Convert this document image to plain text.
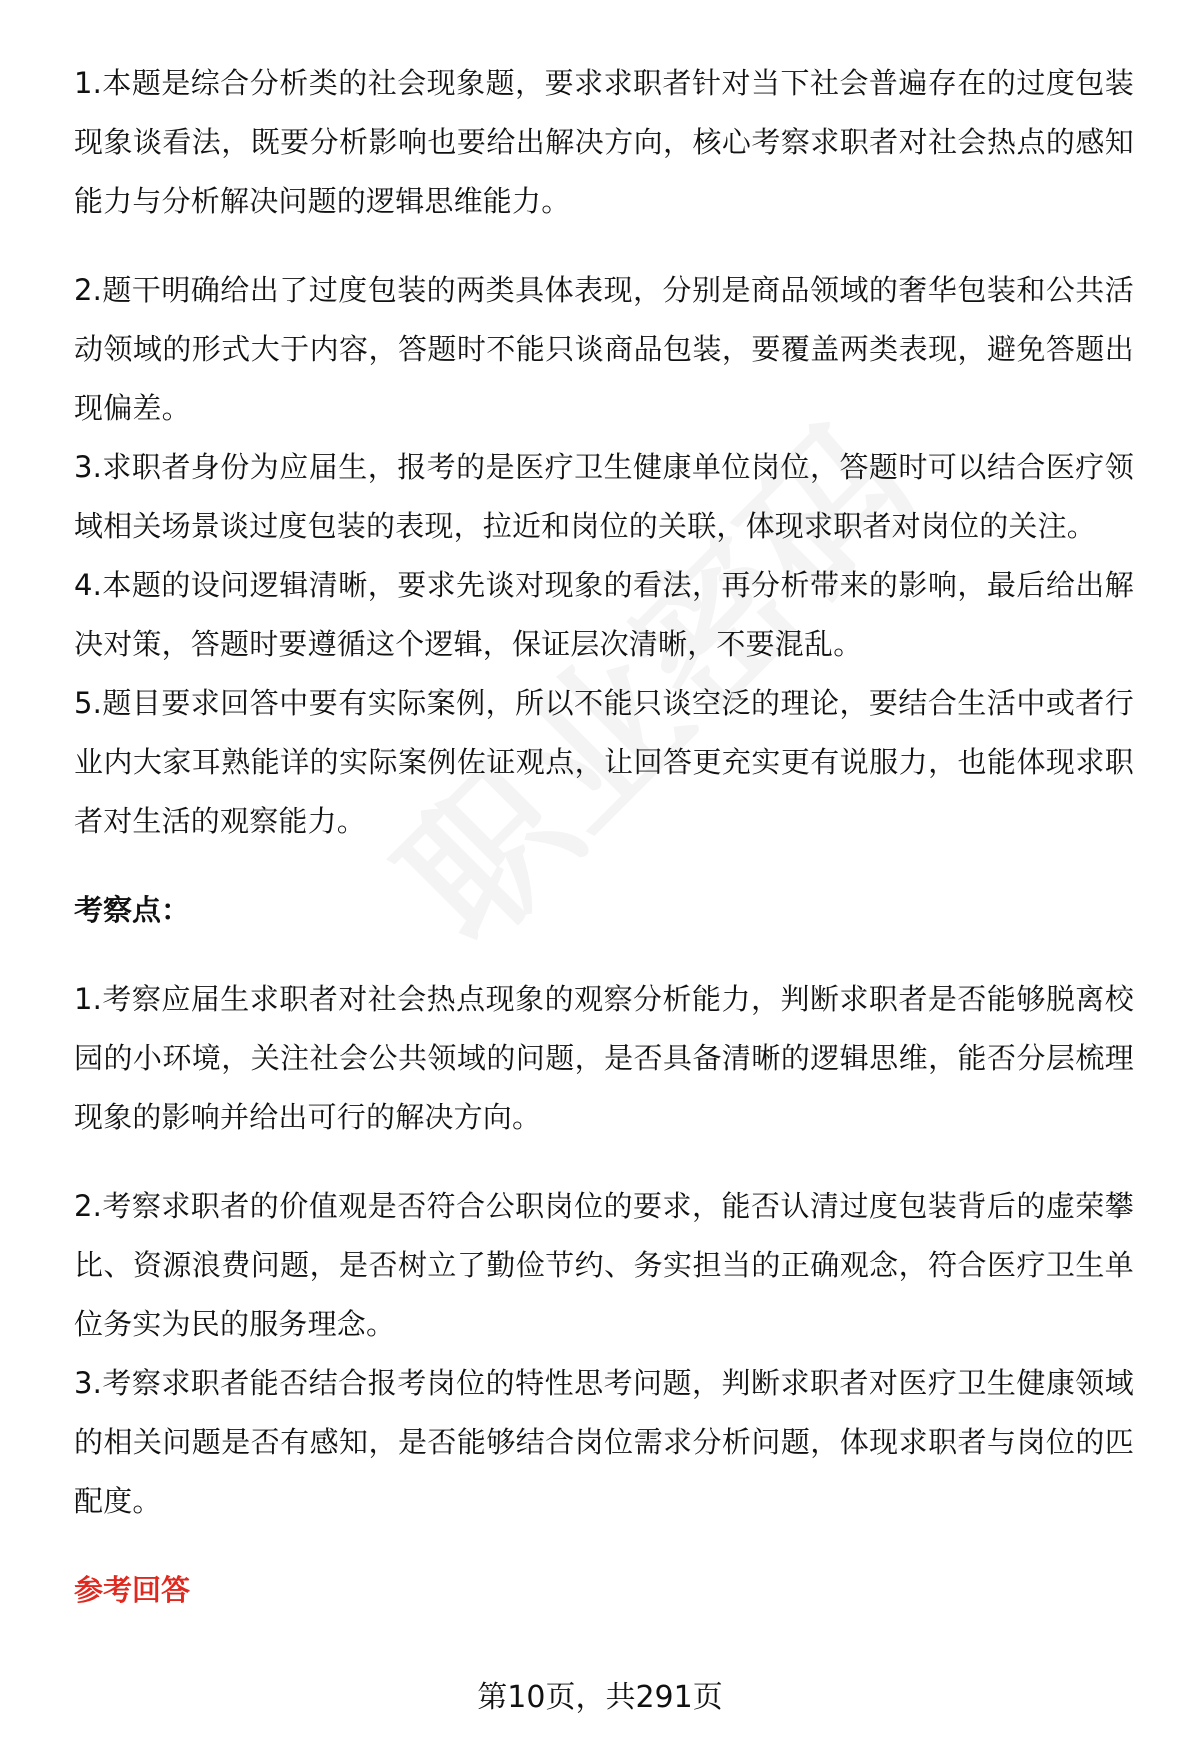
1.本题是综合分析类的社会现象题，要求求职者针对当下社会普遍存在的过度包装现象谈看法，既要分析影响也要给出解决方向，核心考察求职者对社会热点的感知能力与分析解决问题的逻辑思维能力。

2.题干明确给出了过度包装的两类具体表现，分别是商品领域的奢华包装和公共活动领域的形式大于内容，答题时不能只谈商品包装，要覆盖两类表现，避免答题出现偏差。

3.求职者身份为应届生，报考的是医疗卫生健康单位岗位，答题时可以结合医疗领域相关场景谈过度包装的表现，拉近和岗位的关联，体现求职者对岗位的关注。

4.本题的设问逻辑清晰，要求先谈对现象的看法，再分析带来的影响，最后给出解决对策，答题时要遵循这个逻辑，保证层次清晰，不要混乱。

5.题目要求回答中要有实际案例，所以不能只谈空泛的理论，要结合生活中或者行业内大家耳熟能详的实际案例佐证观点，让回答更充实更有说服力，也能体现求职者对生活的观察能力。

考察点：

1.考察应届生求职者对社会热点现象的观察分析能力，判断求职者是否能够脱离校园的小环境，关注社会公共领域的问题，是否具备清晰的逻辑思维，能否分层梳理现象的影响并给出可行的解决方向。

2.考察求职者的价值观是否符合公职岗位的要求，能否认清过度包装背后的虚荣攀比、资源浪费问题，是否树立了勤俭节约、务实担当的正确观念，符合医疗卫生单位务实为民的服务理念。

3.考察求职者能否结合报考岗位的特性思考问题，判断求职者对医疗卫生健康领域的相关问题是否有感知，是否能够结合岗位需求分析问题，体现求职者与岗位的匹配度。

参考回答

第10页，共291页
